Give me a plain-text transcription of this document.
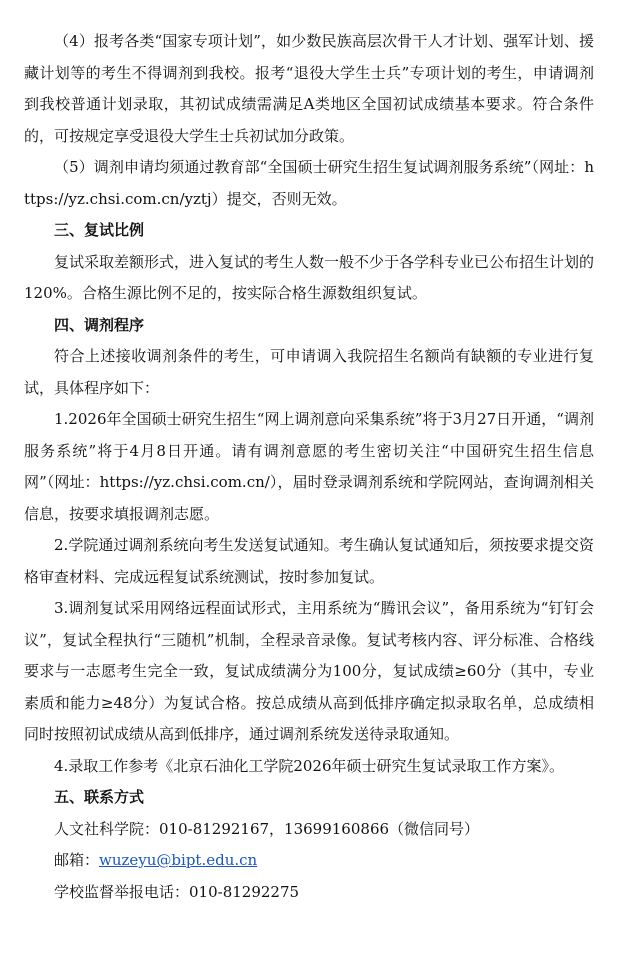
（4）报考各类“国家专项计划”，如少数民族高层次骨干人才计划、强军计划、援藏计划等的考生不得调剂到我校。报考“退役大学生士兵”专项计划的考生，申请调剂到我校普通计划录取，其初试成绩需满足A类地区全国初试成绩基本要求。符合条件的，可按规定享受退役大学生士兵初试加分政策。

（5）调剂申请均须通过教育部“全国硕士研究生招生复试调剂服务系统”（网址：https://yz.chsi.com.cn/yztj）提交，否则无效。

三、复试比例

复试采取差额形式，进入复试的考生人数一般不少于各学科专业已公布招生计划的120%。合格生源比例不足的，按实际合格生源数组织复试。

四、调剂程序

符合上述接收调剂条件的考生，可申请调入我院招生名额尚有缺额的专业进行复试，具体程序如下：

1.2026年全国硕士研究生招生“网上调剂意向采集系统”将于3月27日开通，“调剂服务系统”将于4月8日开通。请有调剂意愿的考生密切关注“中国研究生招生信息网”（网址：https://yz.chsi.com.cn/），届时登录调剂系统和学院网站，查询调剂相关信息，按要求填报调剂志愿。

2.学院通过调剂系统向考生发送复试通知。考生确认复试通知后，须按要求提交资格审查材料、完成远程复试系统测试，按时参加复试。

3.调剂复试采用网络远程面试形式，主用系统为“腾讯会议”，备用系统为“钉钉会议”，复试全程执行“三随机”机制，全程录音录像。复试考核内容、评分标准、合格线要求与一志愿考生完全一致，复试成绩满分为100分，复试成绩≥60分（其中，专业素质和能力≥48分）为复试合格。按总成绩从高到低排序确定拟录取名单，总成绩相同时按照初试成绩从高到低排序，通过调剂系统发送待录取通知。

4.录取工作参考《北京石油化工学院2026年硕士研究生复试录取工作方案》。

五、联系方式

人文社科学院：010-81292167，13699160866（微信同号）

邮箱：wuzeyu@bipt.edu.cn

学校监督举报电话：010-81292275
